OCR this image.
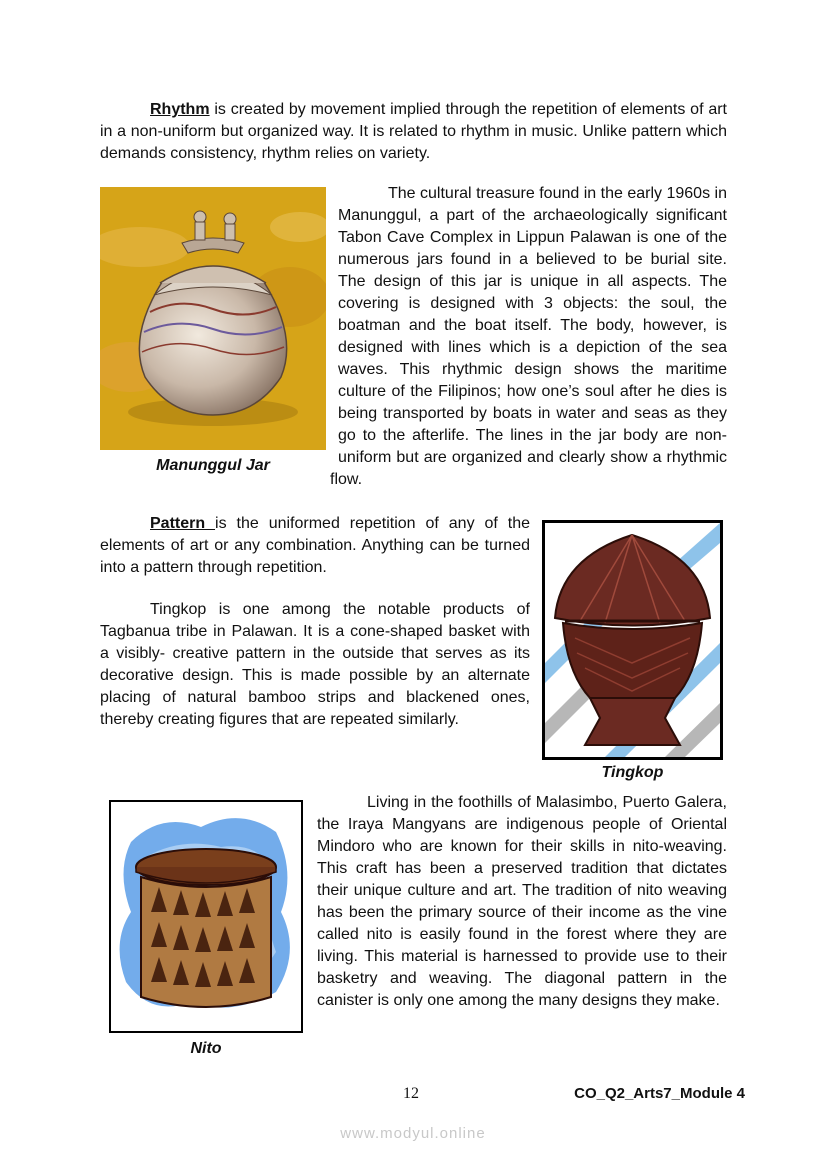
Rhythm is created by movement implied through the repetition of elements of art in a non-uniform but organized way. It is related to rhythm in music. Unlike pattern which demands consistency, rhythm relies on variety.

Manunggul Jar
The cultural treasure found in the early 1960s in Manunggul, a part of the archaeologically significant Tabon Cave Complex in Lippun Palawan is one of the numerous jars found in a believed to be burial site. The design of this jar is unique in all aspects. The covering is designed with 3 objects: the soul, the boatman and the boat itself. The body, however, is designed with lines which is a depiction of the sea waves. This rhythmic design shows the maritime culture of the Filipinos; how one’s soul after he dies is being transported by boats in water and seas as they go to the afterlife. The lines in the jar body are non-uniform but are organized and clearly show a rhythmic flow.

Pattern is the uniformed repetition of any of the elements of art or any combination. Anything can be turned into a pattern through repetition.

Tingkop is one among the notable products of Tagbanua tribe in Palawan. It is a cone-shaped basket with a visibly- creative pattern in the outside that serves as its decorative design. This is made possible by an alternate placing of natural bamboo strips and blackened ones, thereby creating figures that are repeated similarly.

Tingkop
Nito

Living in the foothills of Malasimbo, Puerto Galera, the Iraya Mangyans are indigenous people of Oriental Mindoro who are known for their skills in nito-weaving. This craft has been a preserved tradition that dictates their unique culture and art. The tradition of nito weaving has been the primary source of their income as the vine called nito is easily found in the forest where they are living. This material is harnessed to provide use to their basketry and weaving. The diagonal pattern in the canister is only one among the many designs they make.

12	CO_Q2_Arts7_Module 4
www.modyul.online
